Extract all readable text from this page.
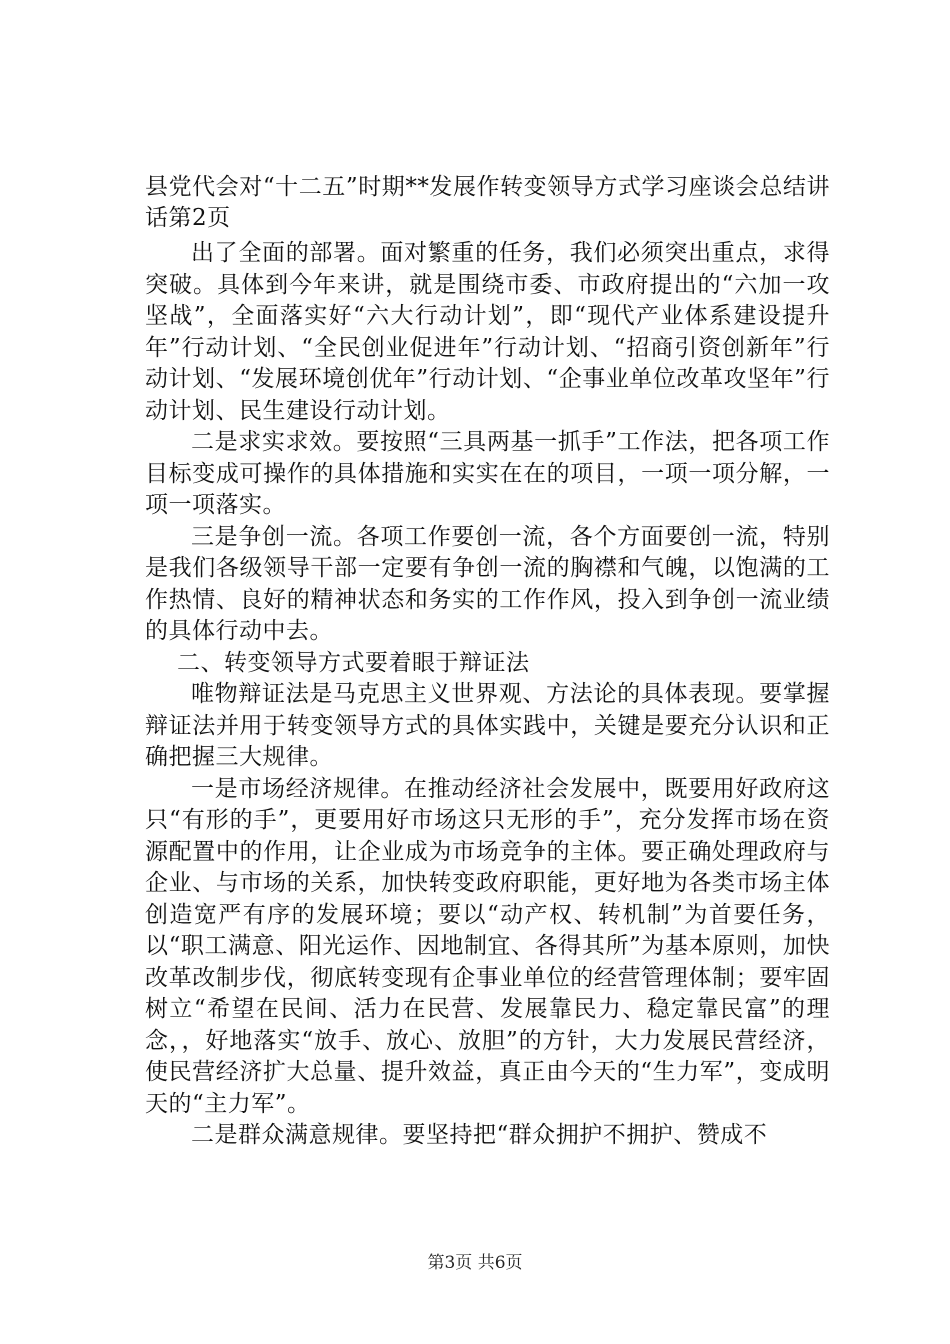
县党代会对“十二五”时期**发展作转变领导方式学习座谈会总结讲话第2页

出了全面的部署。面对繁重的任务，我们必须突出重点，求得突破。具体到今年来讲，就是围绕市委、市政府提出的“六加一攻坚战”，全面落实好“六大行动计划”，即“现代产业体系建设提升年”行动计划、“全民创业促进年”行动计划、“招商引资创新年”行动计划、“发展环境创优年”行动计划、“企事业单位改革攻坚年”行动计划、民生建设行动计划。

二是求实求效。要按照“三具两基一抓手”工作法，把各项工作目标变成可操作的具体措施和实实在在的项目，一项一项分解，一项一项落实。

三是争创一流。各项工作要创一流，各个方面要创一流，特别是我们各级领导干部一定要有争创一流的胸襟和气魄，以饱满的工作热情、良好的精神状态和务实的工作作风，投入到争创一流业绩的具体行动中去。

二、转变领导方式要着眼于辩证法

唯物辩证法是马克思主义世界观、方法论的具体表现。要掌握辩证法并用于转变领导方式的具体实践中，关键是要充分认识和正确把握三大规律。

一是市场经济规律。在推动经济社会发展中，既要用好政府这只“有形的手”，更要用好市场这只无形的手”，充分发挥市场在资源配置中的作用，让企业成为市场竞争的主体。要正确处理政府与企业、与市场的关系，加快转变政府职能，更好地为各类市场主体创造宽严有序的发展环境；要以“动产权、转机制”为首要任务，以“职工满意、阳光运作、因地制宜、各得其所”为基本原则，加快改革改制步伐，彻底转变现有企事业单位的经营管理体制；要牢固树立“希望在民间、活力在民营、发展靠民力、稳定靠民富”的理念，，好地落实“放手、放心、放胆”的方针，大力发展民营经济，使民营经济扩大总量、提升效益，真正由今天的“生力军”，变成明天的“主力军”。

二是群众满意规律。要坚持把“群众拥护不拥护、赞成不

第3页 共6页
